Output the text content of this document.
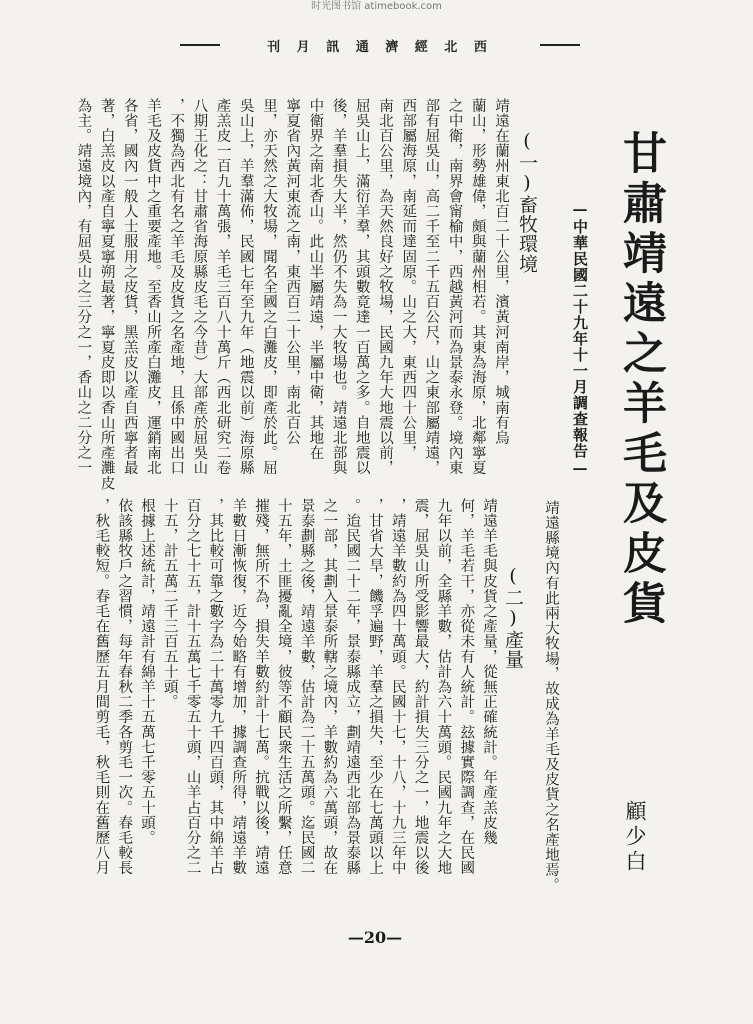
时光图书馆 atimebook.com
刊 月 訊 通 濟 經 北 西
(一)畜牧環境
靖遠在蘭州東北百二十公里，濱黃河南岸，城南有烏
蘭山，形勢雄偉，頗與蘭州相若。其東為海原，北鄰寧夏
之中衛，南界會甯榆中，西越黃河而為景泰永登。境內東
部有屈吳山，高二千至二千五百公尺，山之東部屬靖遠，
西部屬海原，南延而達固原。山之大，東西四十公里，
南北百公里，為天然良好之牧場，民國九年大地震以前，
屈吳山上，滿衍羊羣，其頭數竟達一百萬之多。自地震以
後，羊羣損失大半，然仍不失為一大牧場也。靖遠北部與
中衛界之南北香山。此山半屬靖遠，半屬中衛，其地在
寧夏省內黃河東流之南，東西百二十公里，南北百公
里，亦天然之大牧場，聞名全國之白灘皮，即產於此。屈
吳山上，羊羣滿佈，民國七年至九年（地震以前）海原縣
產羔皮一百九十萬張，羊毛三百八十萬斤（西北研究二卷
八期王化之：甘肅省海原縣皮毛之今昔）大部產於屈吳山
，不獨為西北有名之羊毛及皮貨之名產地，且係中國出口
羊毛及皮貨中之重要產地。至香山所產白灘皮，運銷南北
各省，國內一般人士服用之皮貨，黑羔皮以產自西寧者最
著，白羔皮以產自寧夏寧朔最著，寧夏皮即以香山所產灘皮
為主。靖遠境內，有屈吳山之三分之一，香山之二分之一	甘肅靖遠之羊毛及皮貨
—中華民國二十九年十一月調查報告—
靖遠縣境內有此兩大牧場，故成為羊毛及皮貨之名產地焉。	顧少白
(二)產量
靖遠羊毛與皮貨之產量，從無正確統計。年產羔皮幾
何，羊毛若干，亦從未有人統計。玆據實際調查，在民國
九年以前，全縣羊數，估計為六十萬頭。民國九年之大地
震，屈吳山所受影響最大，約計損失三分之一，地震以後
，靖遠羊數約為四十萬頭。民國十七，十八，十九三年中
，甘省大旱，饑孚遍野，羊羣之損失，至少在七萬頭以上
。迨民國二十二年，景泰縣成立，劃靖遠西北部為景泰縣
之一部，其劃入景泰所轄之境內，羊數約為六萬頭，故在
景泰劃縣之後，靖遠羊數，估計為二十五萬頭。迄民國二
十五年，土匪擾亂全境，彼等不顧民衆生活之所繫，任意
摧殘，無所不為，損失羊數約計十七萬。抗戰以後，靖遠
羊數日漸恢復，近今始略有增加，據調查所得，靖遠羊數
，其比較可靠之數字為二十萬零九千四百頭，其中綿羊占
百分之七十五，計十五萬七千零五十頭，山羊占百分之二
十五，計五萬二千三百五十頭。
根據上述統計，靖遠計有綿羊十五萬七千零五十頭。
依該縣牧戶之習慣，每年春秋二季各剪毛一次。春毛較長
，秋毛較短。春毛在舊歷五月間剪毛，秋毛則在舊歷八月
—20—
